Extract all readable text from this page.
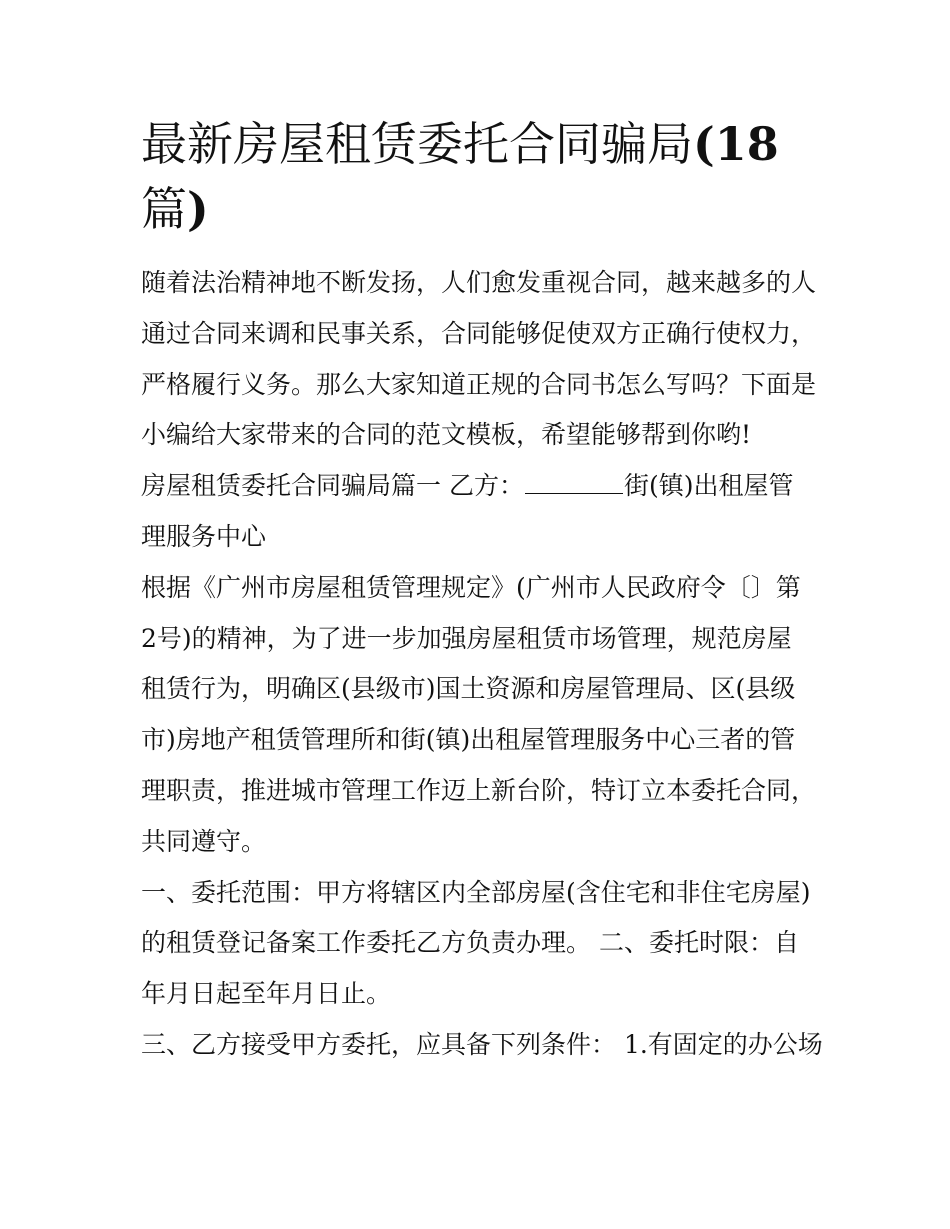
最新房屋租赁委托合同骗局(18
篇)
随着法治精神地不断发扬，人们愈发重视合同，越来越多的人
通过合同来调和民事关系，合同能够促使双方正确行使权力，
严格履行义务。那么大家知道正规的合同书怎么写吗？下面是
小编给大家带来的合同的范文模板，希望能够帮到你哟!
房屋租赁委托合同骗局篇一 乙方：	街(镇)出租屋管
理服务中心
根据《广州市房屋租赁管理规定》(广州市人民政府令〔〕第
2号)的精神，为了进一步加强房屋租赁市场管理，规范房屋
租赁行为，明确区(县级市)国土资源和房屋管理局、区(县级
市)房地产租赁管理所和街(镇)出租屋管理服务中心三者的管
理职责，推进城市管理工作迈上新台阶，特订立本委托合同，
共同遵守。
一、委托范围：甲方将辖区内全部房屋(含住宅和非住宅房屋)
的租赁登记备案工作委托乙方负责办理。 二、委托时限：自
年月日起至年月日止。
三、乙方接受甲方委托，应具备下列条件： 1.有固定的办公场
